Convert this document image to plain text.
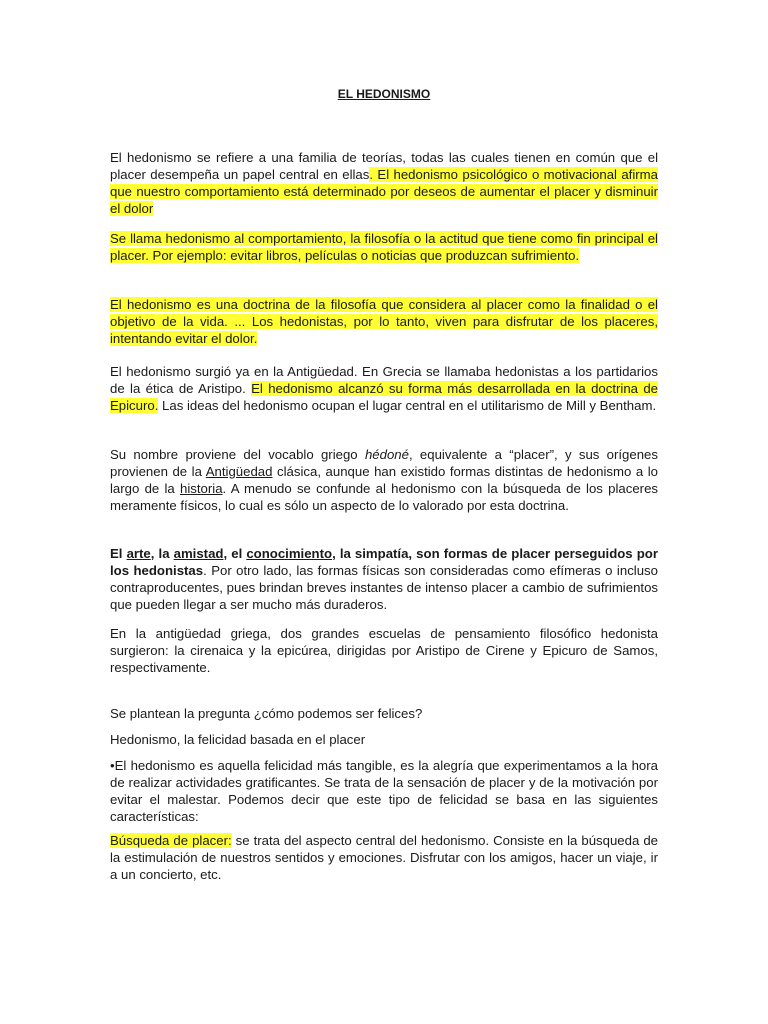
EL HEDONISMO

El hedonismo se refiere a una familia de teorías, todas las cuales tienen en común que el placer desempeña un papel central en ellas. El hedonismo psicológico o motivacional afirma que nuestro comportamiento está determinado por deseos de aumentar el placer y disminuir el dolor

Se llama hedonismo al comportamiento, la filosofía o la actitud que tiene como fin principal el placer. Por ejemplo: evitar libros, películas o noticias que produzcan sufrimiento.

El hedonismo es una doctrina de la filosofía que considera al placer como la finalidad o el objetivo de la vida. ... Los hedonistas, por lo tanto, viven para disfrutar de los placeres, intentando evitar el dolor.

El hedonismo surgió ya en la Antigüedad. En Grecia se llamaba hedonistas a los partidarios de la ética de Aristipo. El hedonismo alcanzó su forma más desarrollada en la doctrina de Epicuro. Las ideas del hedonismo ocupan el lugar central en el utilitarismo de Mill y Bentham.

Su nombre proviene del vocablo griego hédoné, equivalente a “placer”, y sus orígenes provienen de la Antigüedad clásica, aunque han existido formas distintas de hedonismo a lo largo de la historia. A menudo se confunde al hedonismo con la búsqueda de los placeres meramente físicos, lo cual es sólo un aspecto de lo valorado por esta doctrina.

El arte, la amistad, el conocimiento, la simpatía, son formas de placer perseguidos por los hedonistas. Por otro lado, las formas físicas son consideradas como efímeras o incluso contraproducentes, pues brindan breves instantes de intenso placer a cambio de sufrimientos que pueden llegar a ser mucho más duraderos.

En la antigüedad griega, dos grandes escuelas de pensamiento filosófico hedonista surgieron: la cirenaica y la epicúrea, dirigidas por Aristipo de Cirene y Epicuro de Samos, respectivamente.

Se plantean la pregunta ¿cómo podemos ser felices?

Hedonismo, la felicidad basada en el placer

•El hedonismo es aquella felicidad más tangible, es la alegría que experimentamos a la hora de realizar actividades gratificantes. Se trata de la sensación de placer y de la motivación por evitar el malestar. Podemos decir que este tipo de felicidad se basa en las siguientes características:

Búsqueda de placer: se trata del aspecto central del hedonismo. Consiste en la búsqueda de la estimulación de nuestros sentidos y emociones. Disfrutar con los amigos, hacer un viaje, ir a un concierto, etc.
